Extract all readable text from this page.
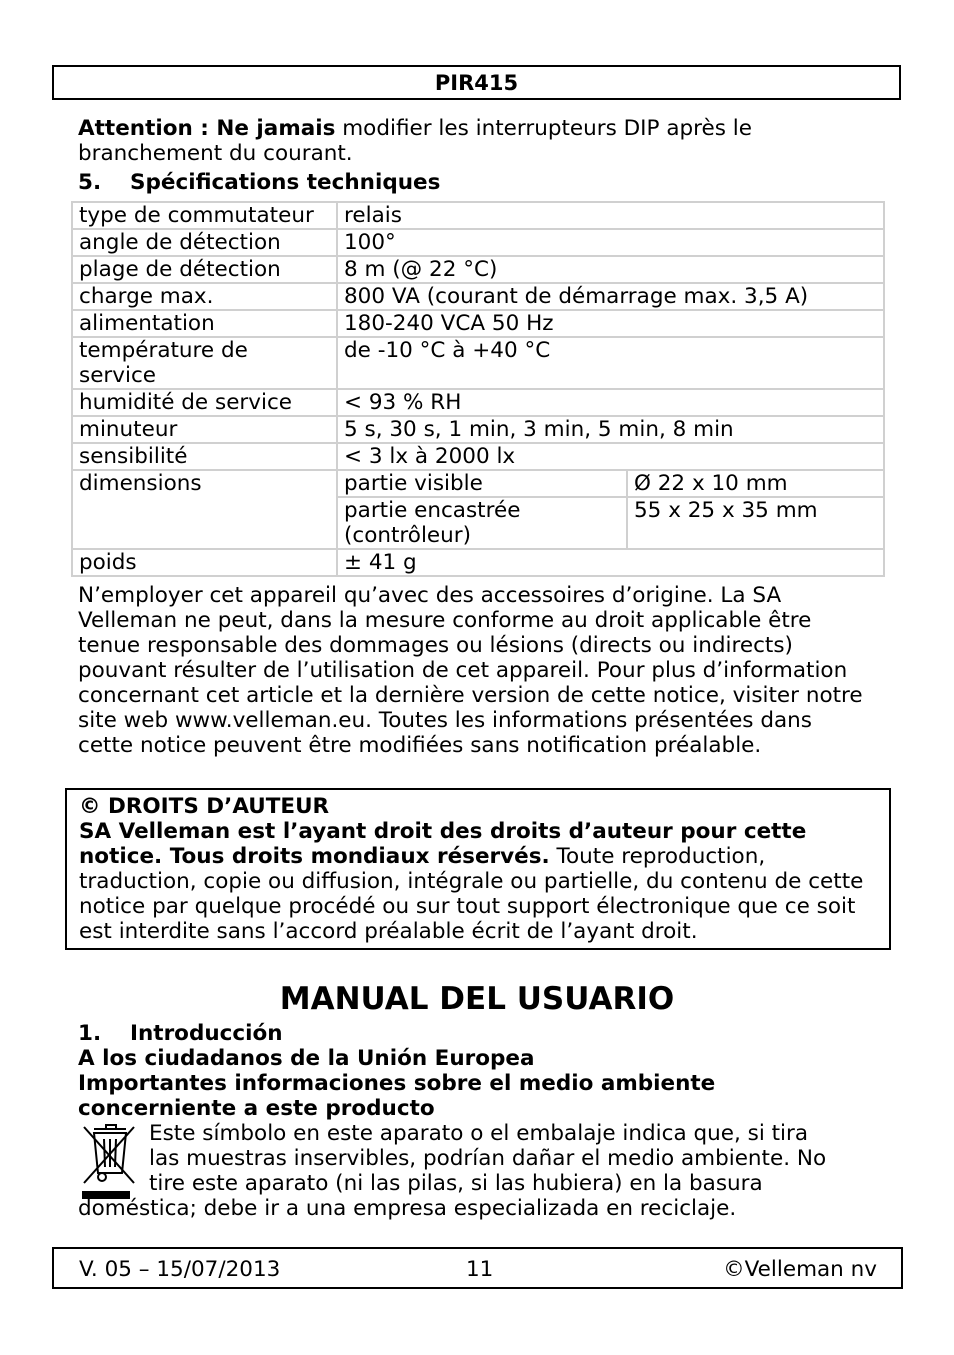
PIR415

Attention : Ne jamais modifier les interrupteurs DIP après le branchement du courant.

5. Spécifications techniques
type de commutateur	relais	
angle de détection	100°	
plage de détection	8 m (@ 22 °C)	
charge max.	800 VA (courant de démarrage max. 3,5 A)	
alimentation	180-240 VCA 50 Hz	
température de service	de -10 °C à +40 °C	
humidité de service	< 93 % RH	
minuteur	5 s, 30 s, 1 min, 3 min, 5 min, 8 min	
sensibilité	< 3 lx à 2000 lx	
dimensions	partie visible	Ø 22 x 10 mm
	partie encastrée (contrôleur)	55 x 25 x 35 mm
poids	± 41 g	

N’employer cet appareil qu’avec des accessoires d’origine. La SA Velleman ne peut, dans la mesure conforme au droit applicable être tenue responsable des dommages ou lésions (directs ou indirects) pouvant résulter de l’utilisation de cet appareil. Pour plus d’information concernant cet article et la dernière version de cette notice, visiter notre site web www.velleman.eu. Toutes les informations présentées dans cette notice peuvent être modifiées sans notification préalable.

© DROITS D’AUTEUR
SA Velleman est l’ayant droit des droits d’auteur pour cette notice. Tous droits mondiaux réservés. Toute reproduction, traduction, copie ou diffusion, intégrale ou partielle, du contenu de cette notice par quelque procédé ou sur tout support électronique que ce soit est interdite sans l’accord préalable écrit de l’ayant droit.
MANUAL DEL USUARIO
1. Introducción
A los ciudadanos de la Unión Europea
Importantes informaciones sobre el medio ambiente concerniente a este producto
Este símbolo en este aparato o el embalaje indica que, si tira
las muestras inservibles, podrían dañar el medio ambiente. No
tire este aparato (ni las pilas, si las hubiera) en la basura
doméstica; debe ir a una empresa especializada en reciclaje.
V. 05 – 15/07/2013	11	©Velleman nv
